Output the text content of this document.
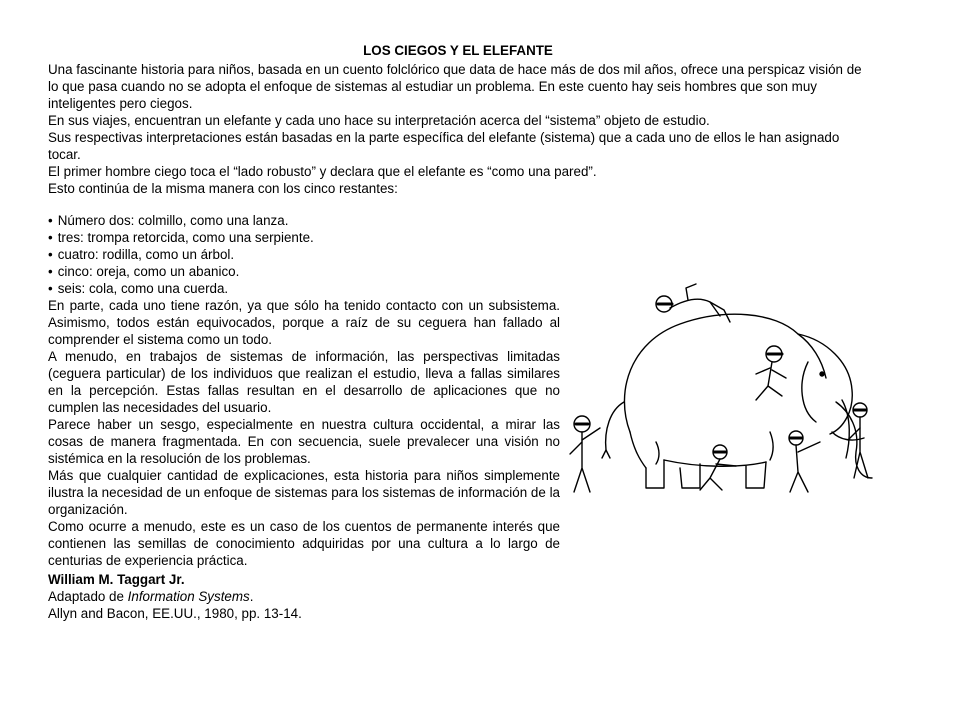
LOS CIEGOS Y EL ELEFANTE

Una fascinante historia para niños, basada en un cuento folclórico que data de hace más de dos mil años, ofrece una perspicaz visión de lo que pasa cuando no se adopta el enfoque de sistemas al estudiar un problema. En este cuento hay seis hombres que son muy inteligentes pero ciegos.

En sus viajes, encuentran un elefante y cada uno hace su interpretación acerca del “sistema” objeto de estudio.

Sus respectivas interpretaciones están basadas en la parte específica del elefante (sistema) que a cada uno de ellos le han asignado tocar.

El primer hombre ciego toca el “lado robusto” y declara que el elefante es “como una pared”.

Esto continúa de la misma manera con los cinco restantes:

• Número dos: colmillo, como una lanza.
• tres: trompa retorcida, como una serpiente.
• cuatro: rodilla, como un árbol.
• cinco: oreja, como un abanico.
• seis: cola, como una cuerda.

En parte, cada uno tiene razón, ya que sólo ha tenido contacto con un subsistema. Asimismo, todos están equivocados, porque a raíz de su ceguera han fallado al comprender el sistema como un todo.

A menudo, en trabajos de sistemas de información, las perspectivas limitadas (ceguera particular) de los individuos que realizan el estudio, lleva a fallas similares en la percepción. Estas fallas resultan en el desarrollo de aplicaciones que no cumplen las necesidades del usuario.

Parece haber un sesgo, especialmente en nuestra cultura occidental, a mirar las cosas de manera fragmentada. En con secuencia, suele prevalecer una visión no sistémica en la resolución de los problemas.

Más que cualquier cantidad de explicaciones, esta historia para niños simplemente ilustra la necesidad de un enfoque de sistemas para los sistemas de información de la organización.

Como ocurre a menudo, este es un caso de los cuentos de permanente interés que contienen las semillas de conocimiento adquiridas por una cultura a lo largo de centurias de experiencia práctica.

William M. Taggart Jr.

Adaptado de Information Systems.

Allyn and Bacon, EE.UU., 1980, pp. 13-14.
